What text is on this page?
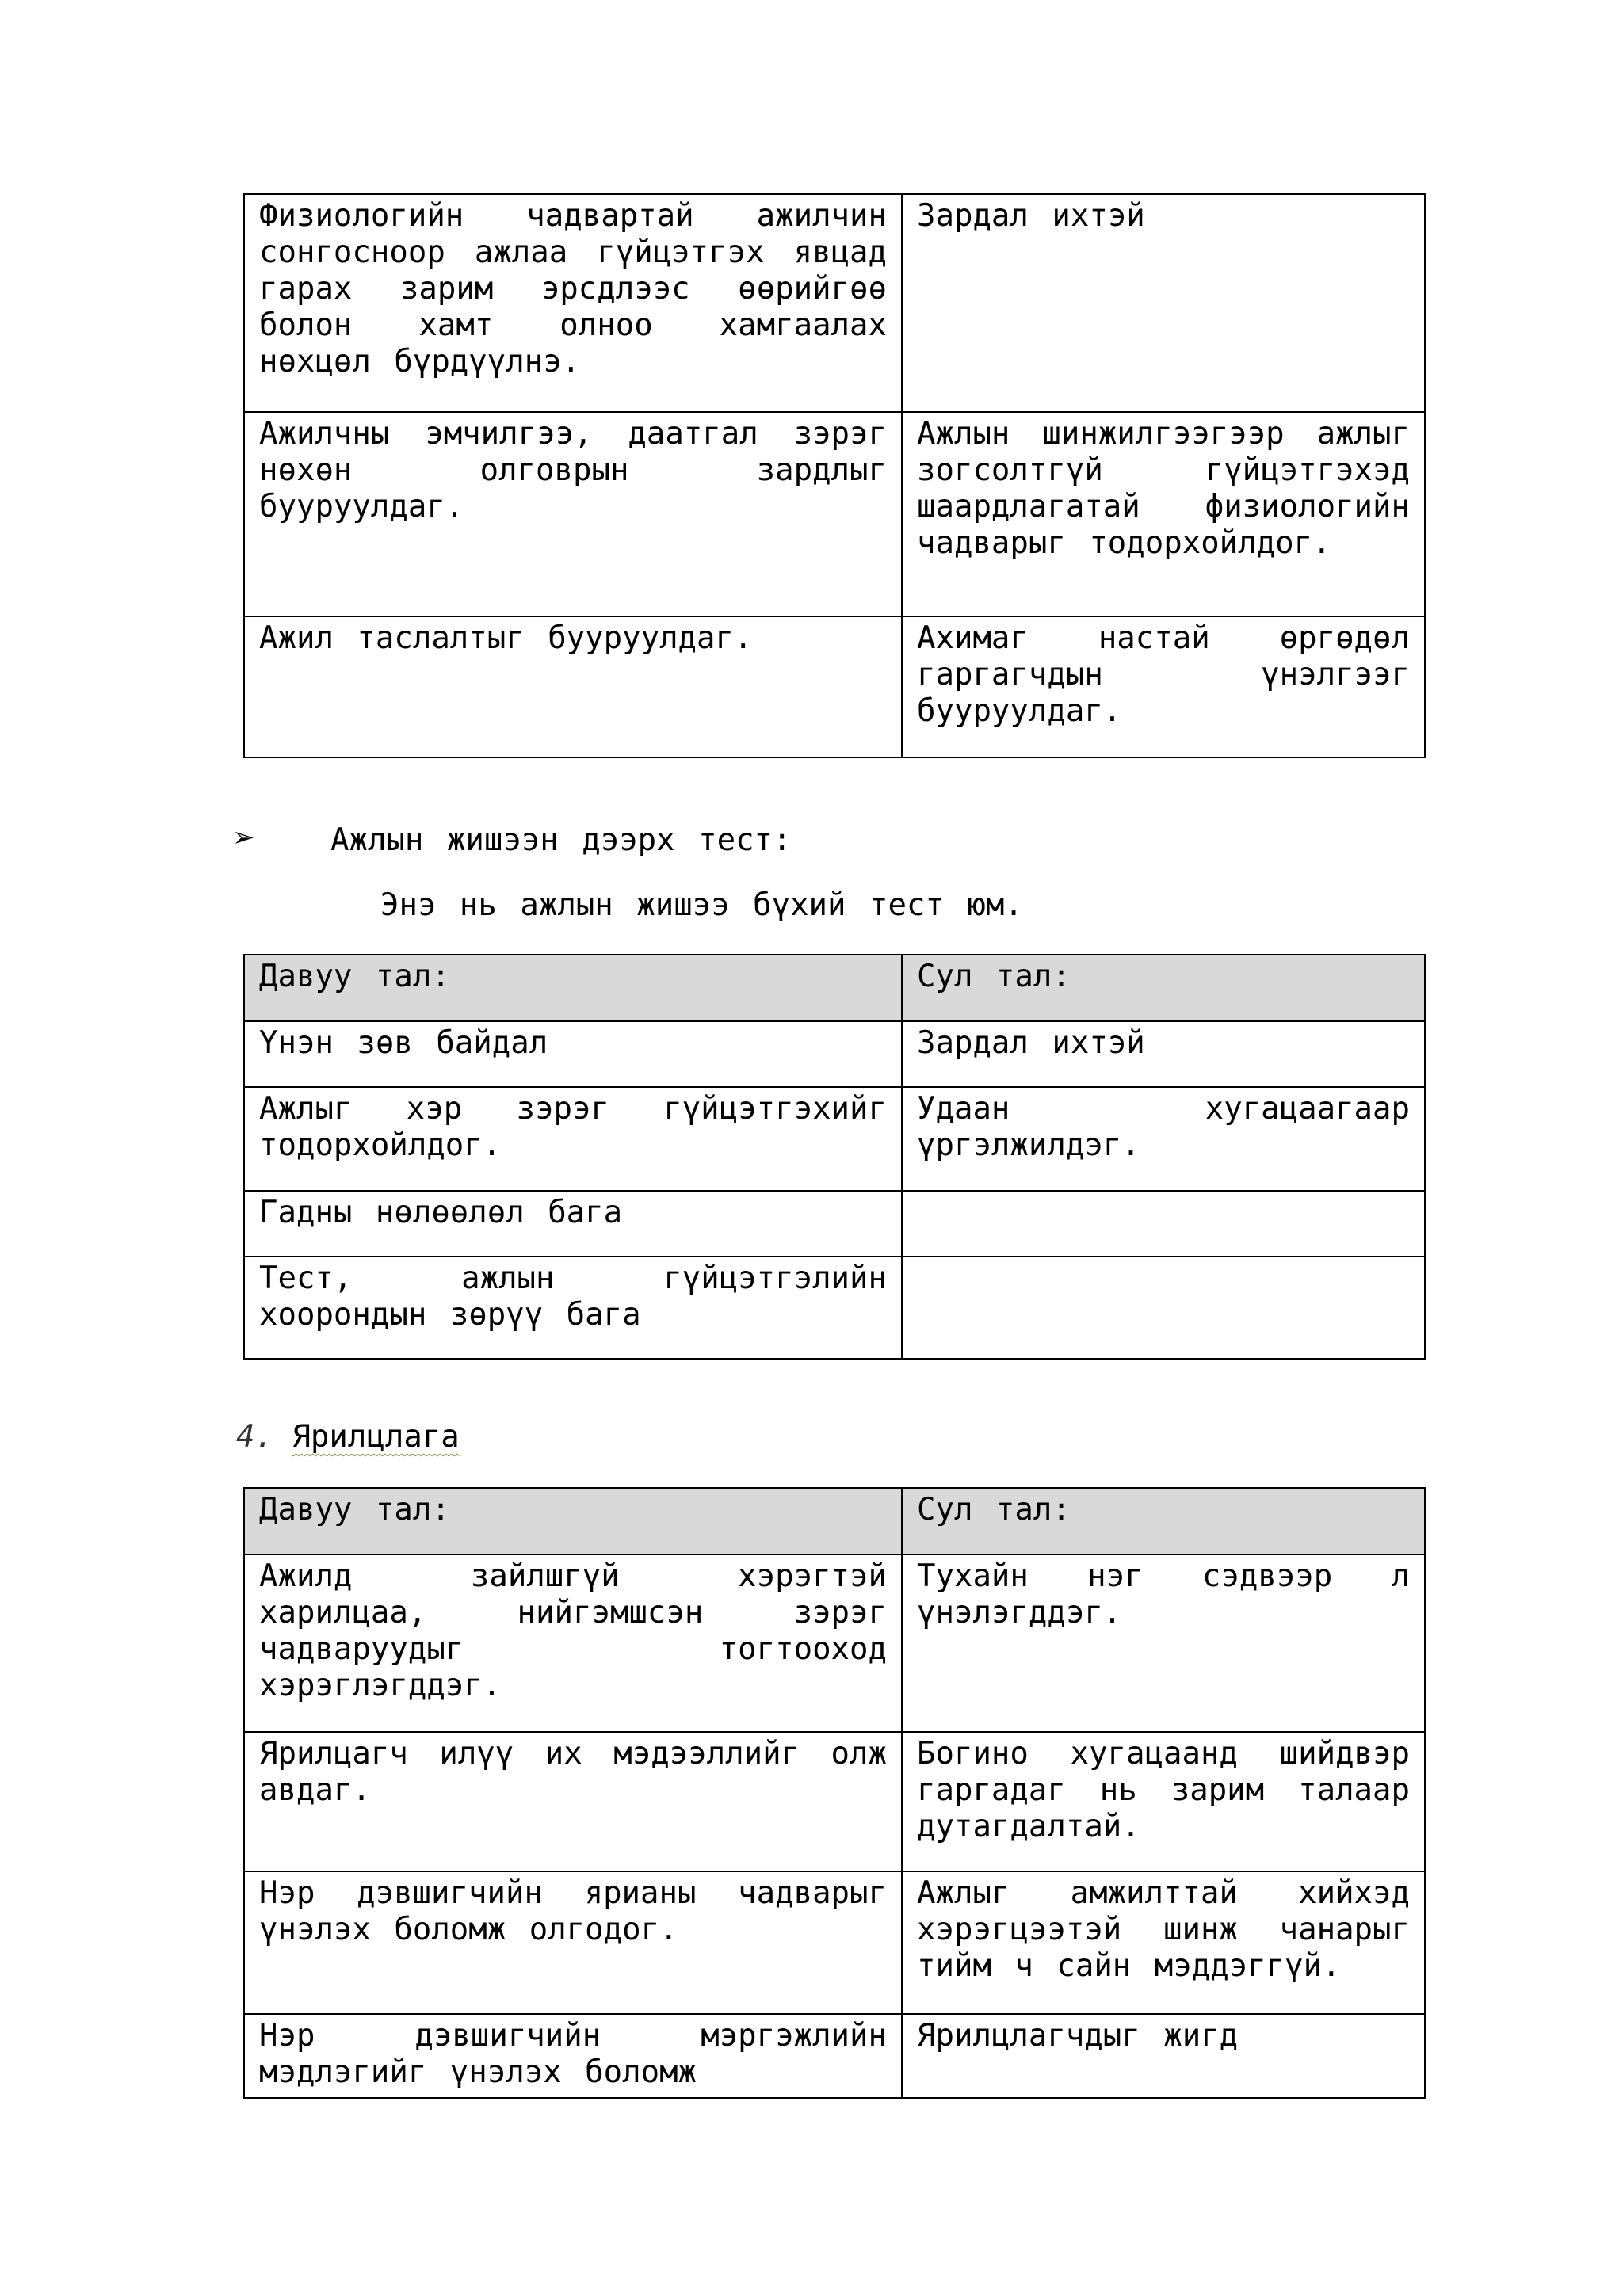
Физиологийн чадвартай ажилчин сонгосноор ажлаа гүйцэтгэх явцад гарах зарим эрсдлээс өөрийгөө болон хамт олноо хамгаалах нөхцөл бүрдүүлнэ.	Зардал ихтэй
Ажилчны эмчилгээ, даатгал зэрэг нөхөн олговрын зардлыг бууруулдаг.	Ажлын шинжилгээгээр ажлыг зогсолтгүй гүйцэтгэхэд шаардлагатай физиологийн чадварыг тодорхойлдог.
Ажил таслалтыг бууруулдаг.	Ахимаг настай өргөдөл гаргагчдын үнэлгээг бууруулдаг.
➢ Ажлын жишээн дээрх тест:
Энэ нь ажлын жишээ бүхий тест юм.
Давуу тал:	Сул тал:
Үнэн зөв байдал	Зардал ихтэй
Ажлыг хэр зэрэг гүйцэтгэхийг тодорхойлдог.	Удаан хугацаагаар үргэлжилдэг.
Гадны нөлөөлөл бага	
Тест, ажлын гүйцэтгэлийн хоорондын зөрүү бага	
4. Ярилцлага
Давуу тал:	Сул тал:
Ажилд зайлшгүй хэрэгтэй харилцаа, нийгэмшсэн зэрэг чадваруудыг тогтооход хэрэглэгддэг.	Тухайн нэг сэдвээр л үнэлэгддэг.
Ярилцагч илүү их мэдээллийг олж авдаг.	Богино хугацаанд шийдвэр гаргадаг нь зарим талаар дутагдалтай.
Нэр дэвшигчийн ярианы чадварыг үнэлэх боломж олгодог.	Ажлыг амжилттай хийхэд хэрэгцээтэй шинж чанарыг тийм ч сайн мэддэггүй.
Нэр дэвшигчийн мэргэжлийн мэдлэгийг үнэлэх боломж	Ярилцлагчдыг жигд
